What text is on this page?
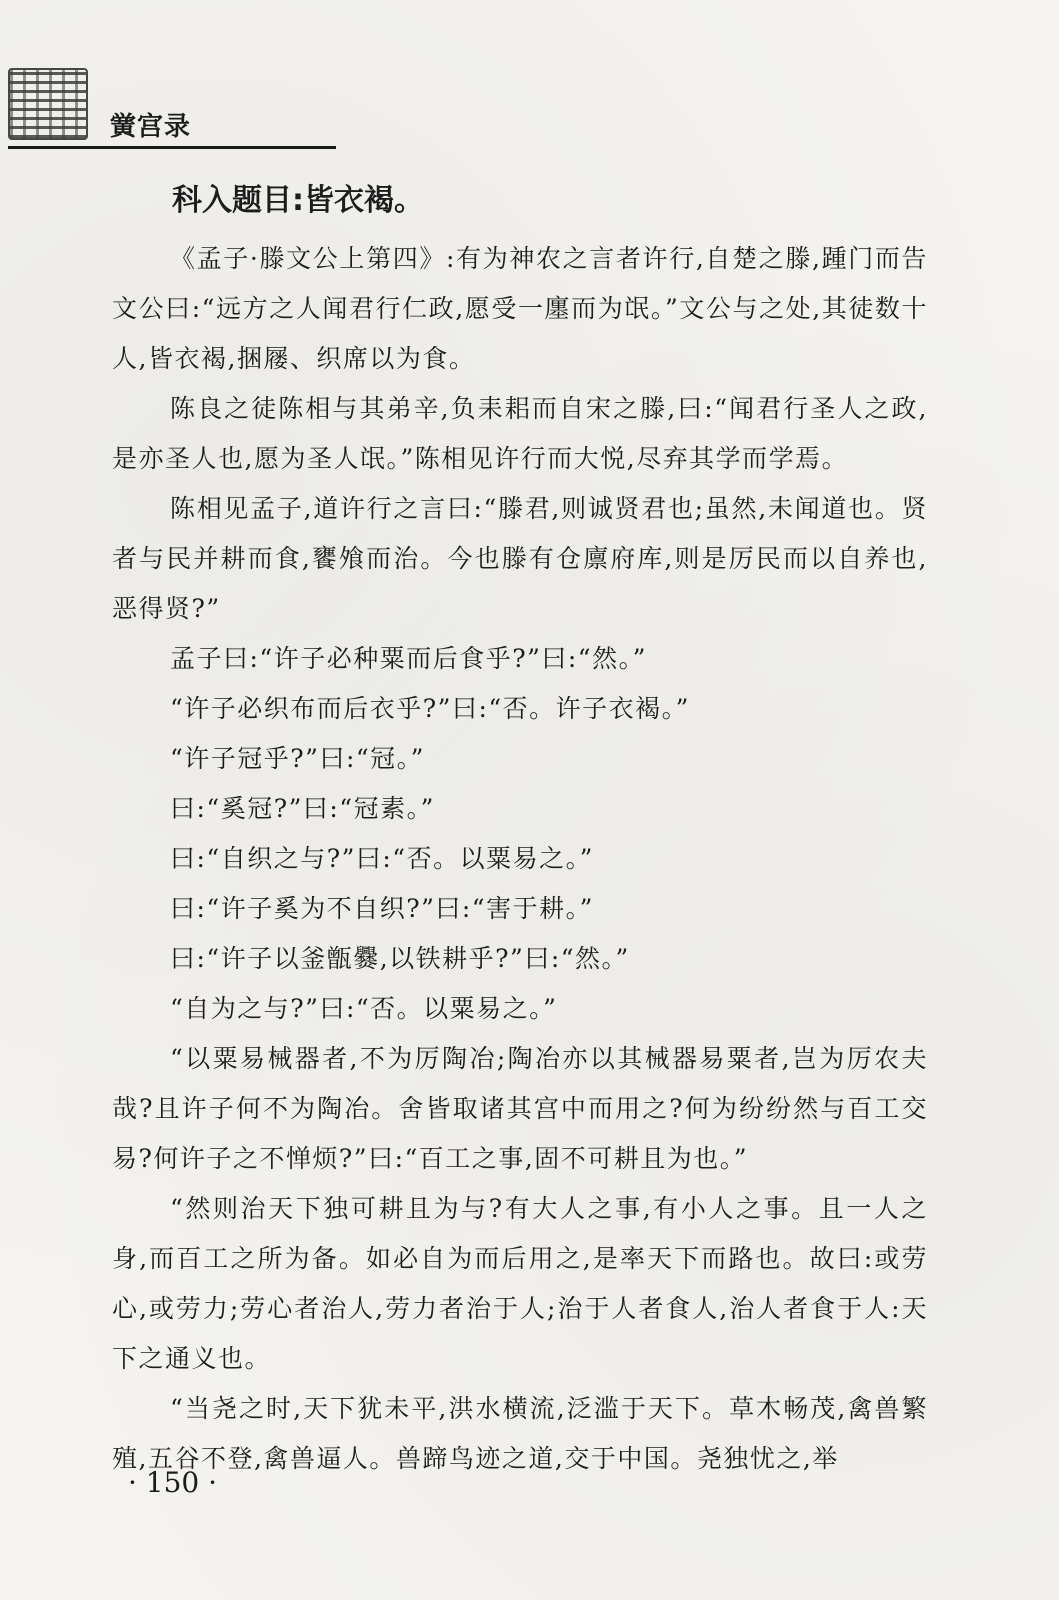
黉宫录
科入题目:皆衣褐。

《孟子·滕文公上第四》:有为神农之言者许行,自楚之滕,踵门而告文公曰:“远方之人闻君行仁政,愿受一廛而为氓。”文公与之处,其徒数十人,皆衣褐,捆屦、织席以为食。

陈良之徒陈相与其弟辛,负耒耜而自宋之滕,曰:“闻君行圣人之政,是亦圣人也,愿为圣人氓。”陈相见许行而大悦,尽弃其学而学焉。

陈相见孟子,道许行之言曰:“滕君,则诚贤君也;虽然,未闻道也。贤者与民并耕而食,饔飧而治。今也滕有仓廪府库,则是厉民而以自养也,恶得贤?”

孟子曰:“许子必种粟而后食乎?”曰:“然。”

“许子必织布而后衣乎?”曰:“否。许子衣褐。”

“许子冠乎?”曰:“冠。”

曰:“奚冠?”曰:“冠素。”

曰:“自织之与?”曰:“否。以粟易之。”

曰:“许子奚为不自织?”曰:“害于耕。”

曰:“许子以釜甑爨,以铁耕乎?”曰:“然。”

“自为之与?”曰:“否。以粟易之。”

“以粟易械器者,不为厉陶冶;陶冶亦以其械器易粟者,岂为厉农夫哉?且许子何不为陶冶。舍皆取诸其宫中而用之?何为纷纷然与百工交易?何许子之不惮烦?”曰:“百工之事,固不可耕且为也。”

“然则治天下独可耕且为与?有大人之事,有小人之事。且一人之身,而百工之所为备。如必自为而后用之,是率天下而路也。故曰:或劳心,或劳力;劳心者治人,劳力者治于人;治于人者食人,治人者食于人:天下之通义也。

“当尧之时,天下犹未平,洪水横流,泛滥于天下。草木畅茂,禽兽繁殖,五谷不登,禽兽逼人。兽蹄鸟迹之道,交于中国。尧独忧之,举

· 150 ·
